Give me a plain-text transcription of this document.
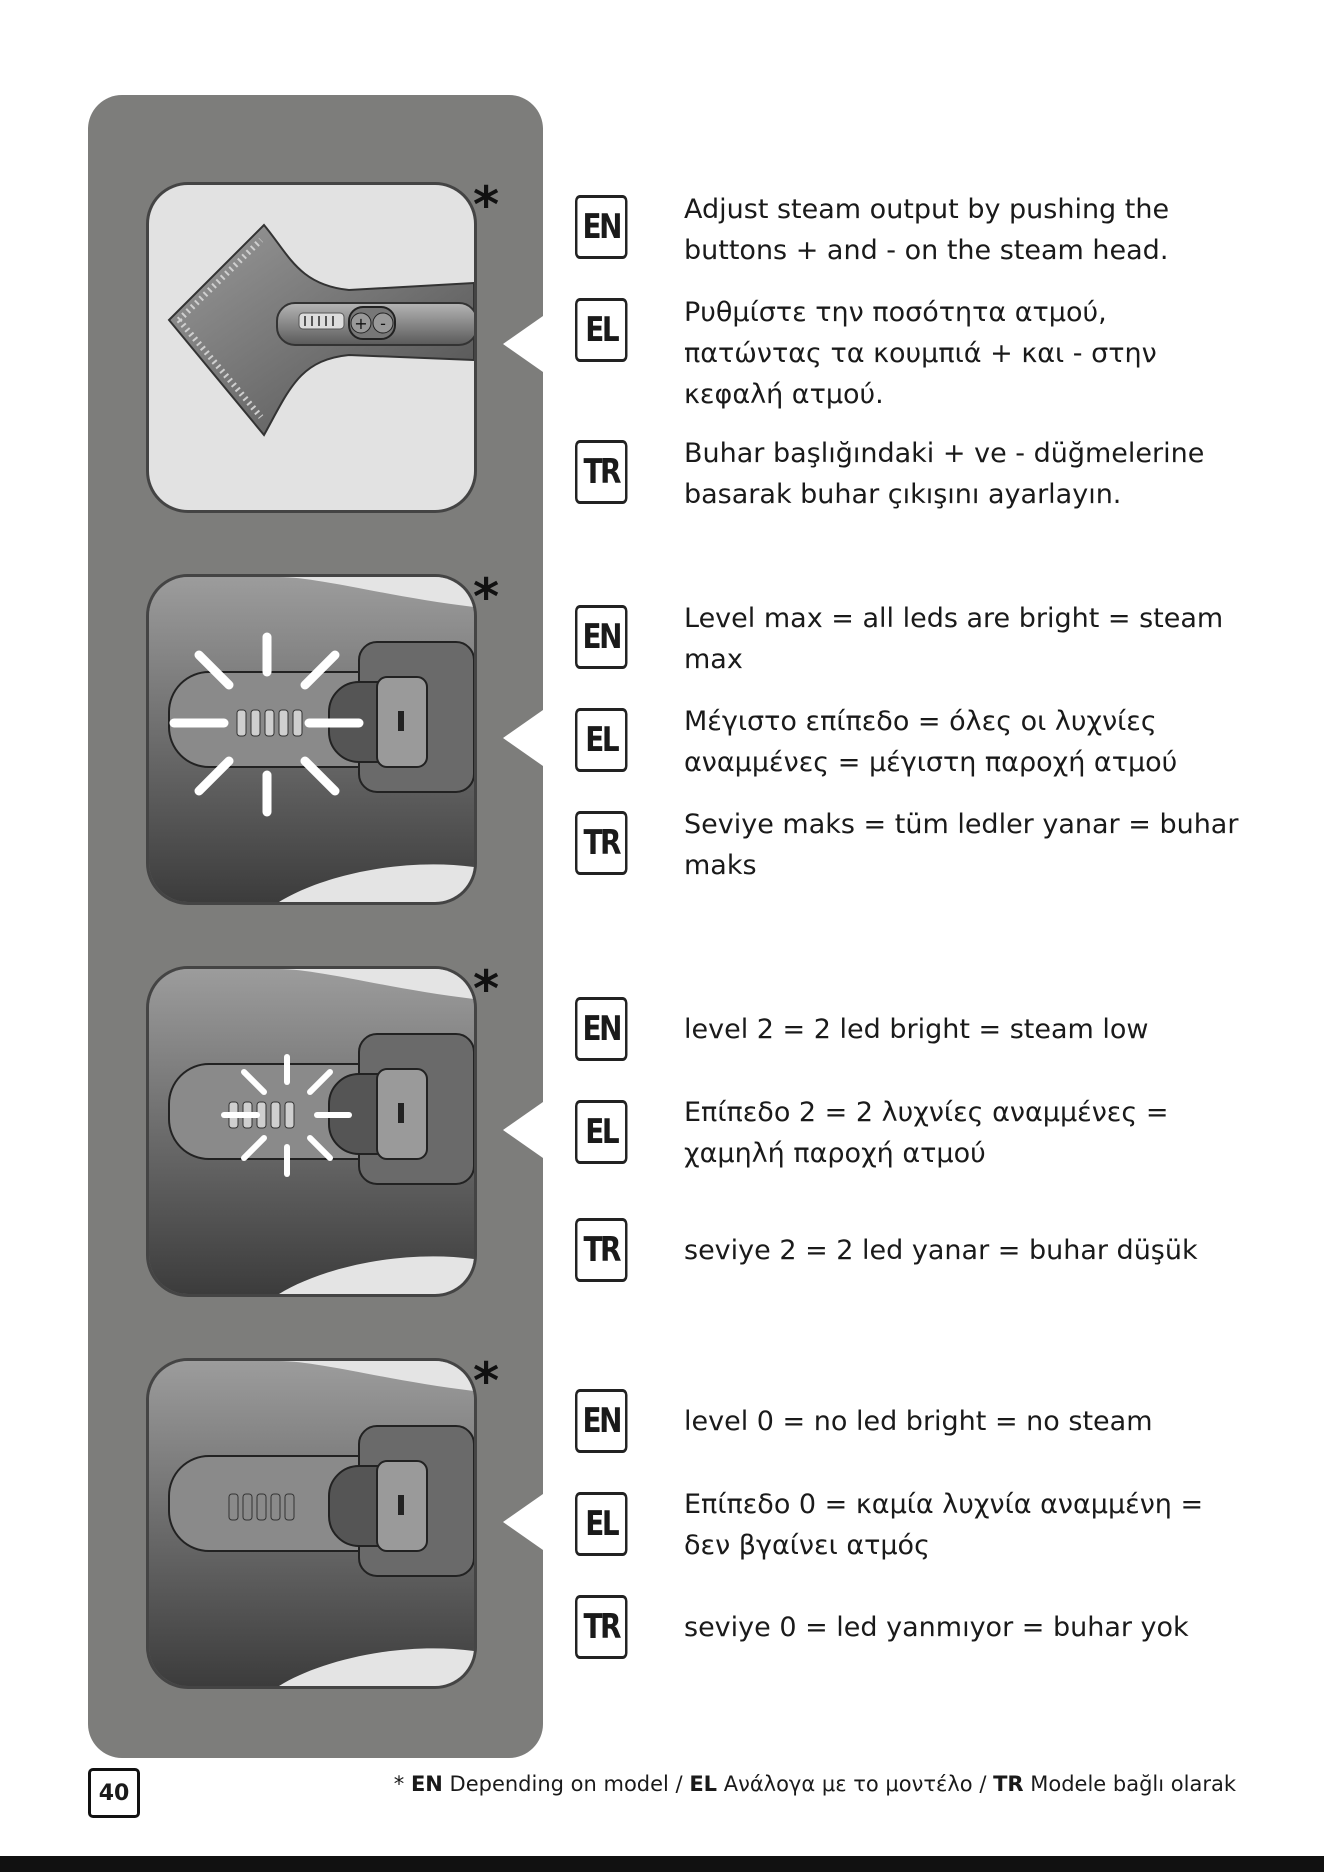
+ -
*
*
*
*
EN Adjust steam output by pushing the buttons + and - on the steam head.
EL	Ρυθμίστε την ποσότητα ατμού, πατώντας τα κουμπιά + και - στην κεφαλή ατμού.
TR	Buhar başlığındaki + ve - düğmelerine basarak buhar çıkışını ayarlayın.
EN Level max = all leds are bright = steam max
EL	Μέγιστο επίπεδο = όλες οι λυχνίες αναμμένες = μέγιστη παροχή ατμού
TR	Seviye maks = tüm ledler yanar = buhar maks
EN level 2 = 2 led bright = steam low
EL	Επίπεδο 2 = 2 λυχνίες αναμμένες = χαμηλή παροχή ατμού
TR	seviye 2 = 2 led yanar = buhar düşük
EN level 0 = no led bright = no steam
EL	Επίπεδο 0 = καμία λυχνία αναμμένη = δεν βγαίνει ατμός
TR	seviye 0 = led yanmıyor = buhar yok
40	* EN Depending on model / EL Ανάλογα με το μοντέλο / TR Modele bağlı olarak
